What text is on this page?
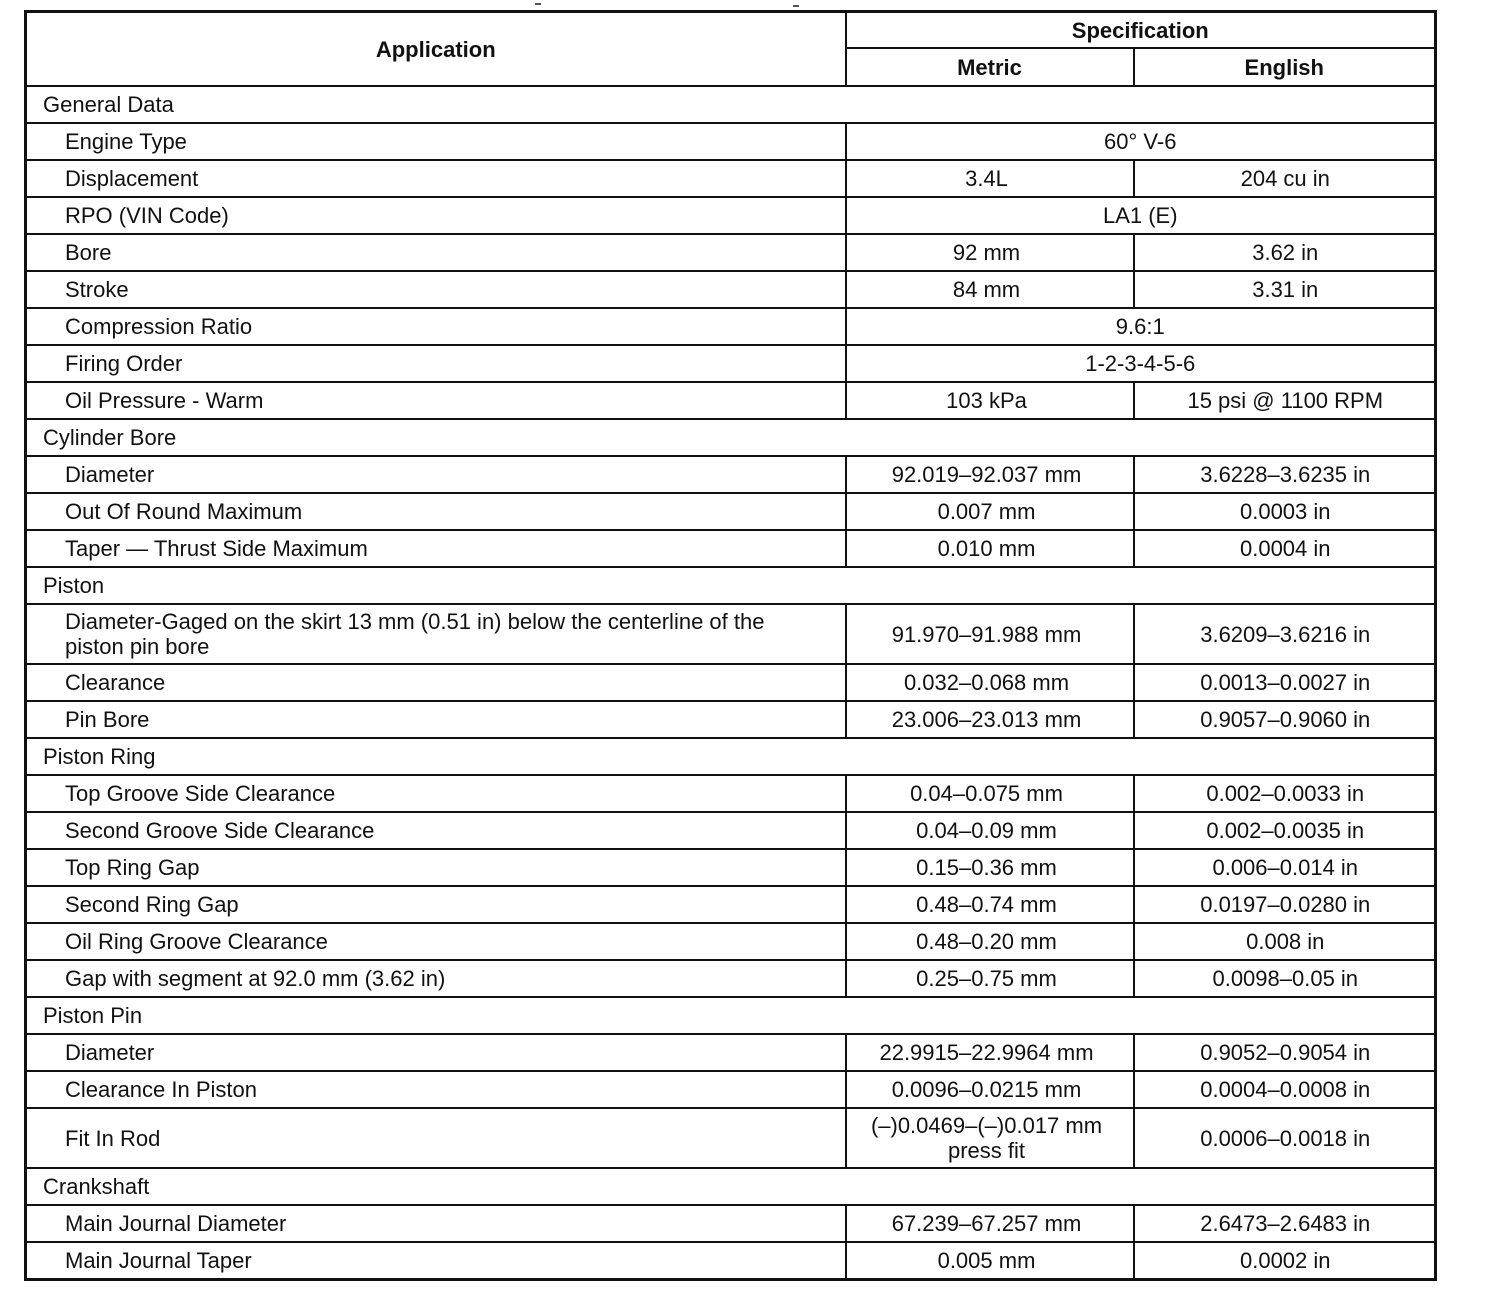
Application	Specification	
	Metric	English
General Data		
Engine Type	60° V-6	
Displacement	3.4L	204 cu in
RPO (VIN Code)	LA1 (E)	
Bore	92 mm	3.62 in
Stroke	84 mm	3.31 in
Compression Ratio	9.6:1	
Firing Order	1-2-3-4-5-6	
Oil Pressure - Warm	103 kPa	15 psi @ 1100 RPM
Cylinder Bore		
Diameter	92.019–92.037 mm	3.6228–3.6235 in
Out Of Round Maximum	0.007 mm	0.0003 in
Taper — Thrust Side Maximum	0.010 mm	0.0004 in
Piston		
Diameter-Gaged on the skirt 13 mm (0.51 in) below the centerline of the piston pin bore	91.970–91.988 mm	3.6209–3.6216 in
Clearance	0.032–0.068 mm	0.0013–0.0027 in
Pin Bore	23.006–23.013 mm	0.9057–0.9060 in
Piston Ring		
Top Groove Side Clearance	0.04–0.075 mm	0.002–0.0033 in
Second Groove Side Clearance	0.04–0.09 mm	0.002–0.0035 in
Top Ring Gap	0.15–0.36 mm	0.006–0.014 in
Second Ring Gap	0.48–0.74 mm	0.0197–0.0280 in
Oil Ring Groove Clearance	0.48–0.20 mm	0.008 in
Gap with segment at 92.0 mm (3.62 in)	0.25–0.75 mm	0.0098–0.05 in
Piston Pin		
Diameter	22.9915–22.9964 mm	0.9052–0.9054 in
Clearance In Piston	0.0096–0.0215 mm	0.0004–0.0008 in
Fit In Rod	(–)0.0469–(–)0.017 mm press fit	0.0006–0.0018 in
Crankshaft		
Main Journal Diameter	67.239–67.257 mm	2.6473–2.6483 in
Main Journal Taper	0.005 mm	0.0002 in
